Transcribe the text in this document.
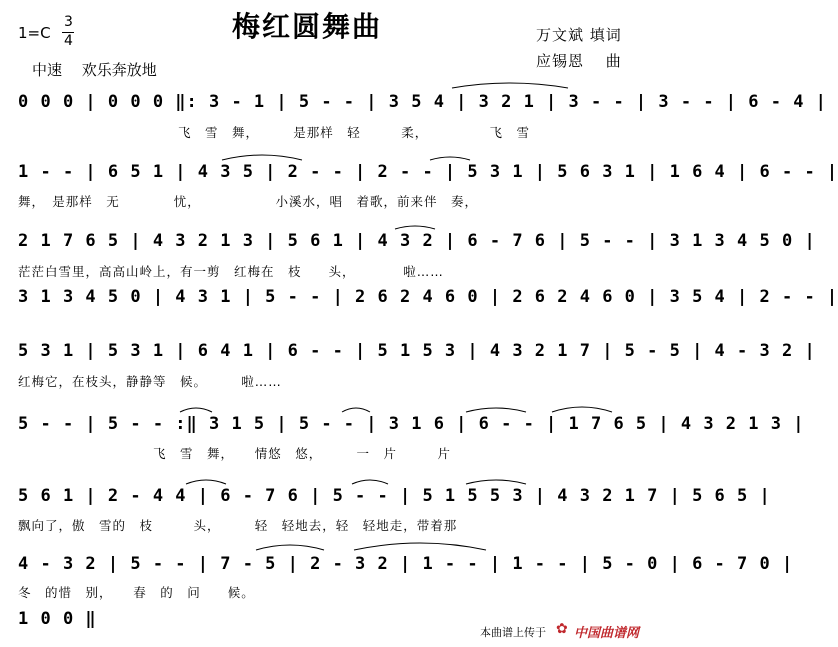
梅红圆舞曲
1=C
3
4
中速　 欢乐奔放地
万文斌 填词
应锡恩　 曲
0 0 0 | 0 0 0 ‖: 3 - 1 | 5 - - | 3 5 4 | 3 2 1 | 3 - - | 3 - - | 6 - 4 |
飞　雪　舞，　　　是那样　轻　　　柔，　　　　　飞　雪
1 - - | 6 5 1 | 4 3 5 | 2 - - | 2 - - | 5 3 1 | 5 6 3 1 | 1 6 4 | 6 - - |
舞，　是那样　无　　　　忧，　　　　　　小溪水，唱　着歌，前来伴　奏，
2 1 7 6 5 | 4 3 2 1 3 | 5 6 1 | 4 3 2 | 6 - 7 6 | 5 - - | 3 1 3 4 5 0 |
茫茫白雪里，高高山岭上，有一剪　红梅在　枝　　头，　　　　啦……
3 1 3 4 5 0 | 4 3 1 | 5 - - | 2 6 2 4 6 0 | 2 6 2 4 6 0 | 3 5 4 | 2 - - |
5 3 1 | 5 3 1 | 6 4 1 | 6 - - | 5 1 5 3 | 4 3 2 1 7 | 5 - 5 | 4 - 3 2 |
红梅它，在枝头，静静等　候。　　　啦……
5 - - | 5 - - :‖ 3 1 5 | 5 - - | 3 1 6 | 6 - - | 1 7 6 5 | 4 3 2 1 3 |
　　　　　　　　　　飞　雪　舞，　　情悠　悠，　　　一　片　　　片
5 6 1 | 2 - 4 4 | 6 - 7 6 | 5 - - | 5 1 5 5 3 | 4 3 2 1 7 | 5 6 5 |
飘向了，傲　雪的　枝　　　头，　　　轻　轻地去，轻　轻地走，带着那
4 - 3 2 | 5 - - | 7 - 5 | 2 - 3 2 | 1 - - | 1 - - | 5 - 0 | 6 - 7 0 |
冬　的惜　别，　　春　的　问　　候。
1 0 0 ‖
本曲谱上传于 ✿ 中国曲谱网
